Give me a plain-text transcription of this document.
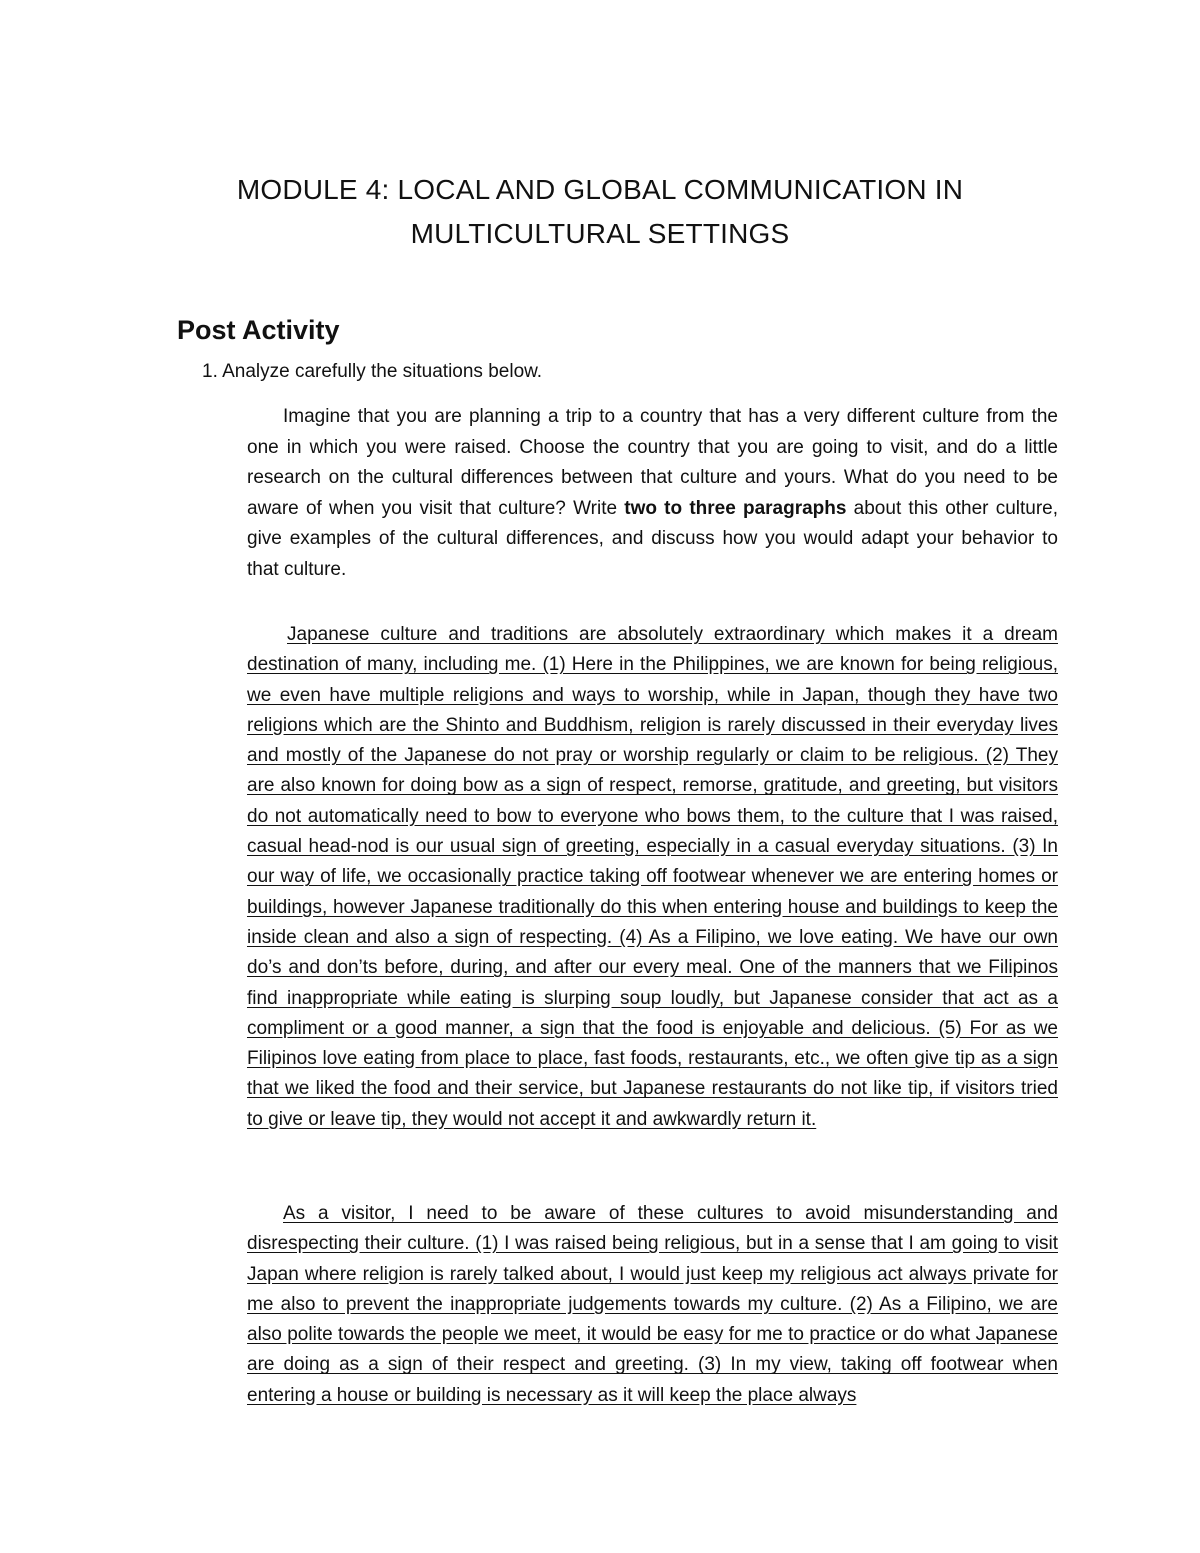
MODULE 4: LOCAL AND GLOBAL COMMUNICATION IN
MULTICULTURAL SETTINGS
Post Activity
1. Analyze carefully the situations below.

Imagine that you are planning a trip to a country that has a very different culture from the one in which you were raised. Choose the country that you are going to visit, and do a little research on the cultural differences between that culture and yours. What do you need to be aware of when you visit that culture? Write two to three paragraphs about this other culture, give examples of the cultural differences, and discuss how you would adapt your behavior to that culture.

Japanese culture and traditions are absolutely extraordinary which makes it a dream destination of many, including me. (1) Here in the Philippines, we are known for being religious, we even have multiple religions and ways to worship, while in Japan, though they have two religions which are the Shinto and Buddhism, religion is rarely discussed in their everyday lives and mostly of the Japanese do not pray or worship regularly or claim to be religious. (2) They are also known for doing bow as a sign of respect, remorse, gratitude, and greeting, but visitors do not automatically need to bow to everyone who bows them, to the culture that I was raised, casual head-nod is our usual sign of greeting, especially in a casual everyday situations. (3) In our way of life, we occasionally practice taking off footwear whenever we are entering homes or buildings, however Japanese traditionally do this when entering house and buildings to keep the inside clean and also a sign of respecting. (4) As a Filipino, we love eating. We have our own do’s and don’ts before, during, and after our every meal. One of the manners that we Filipinos find inappropriate while eating is slurping soup loudly, but Japanese consider that act as a compliment or a good manner, a sign that the food is enjoyable and delicious. (5) For as we Filipinos love eating from place to place, fast foods, restaurants, etc., we often give tip as a sign that we liked the food and their service, but Japanese restaurants do not like tip, if visitors tried to give or leave tip, they would not accept it and awkwardly return it.

As a visitor, I need to be aware of these cultures to avoid misunderstanding and disrespecting their culture. (1) I was raised being religious, but in a sense that I am going to visit Japan where religion is rarely talked about, I would just keep my religious act always private for me also to prevent the inappropriate judgements towards my culture. (2) As a Filipino, we are also polite towards the people we meet, it would be easy for me to practice or do what Japanese are doing as a sign of their respect and greeting. (3) In my view, taking off footwear when entering a house or building is necessary as it will keep the place always
